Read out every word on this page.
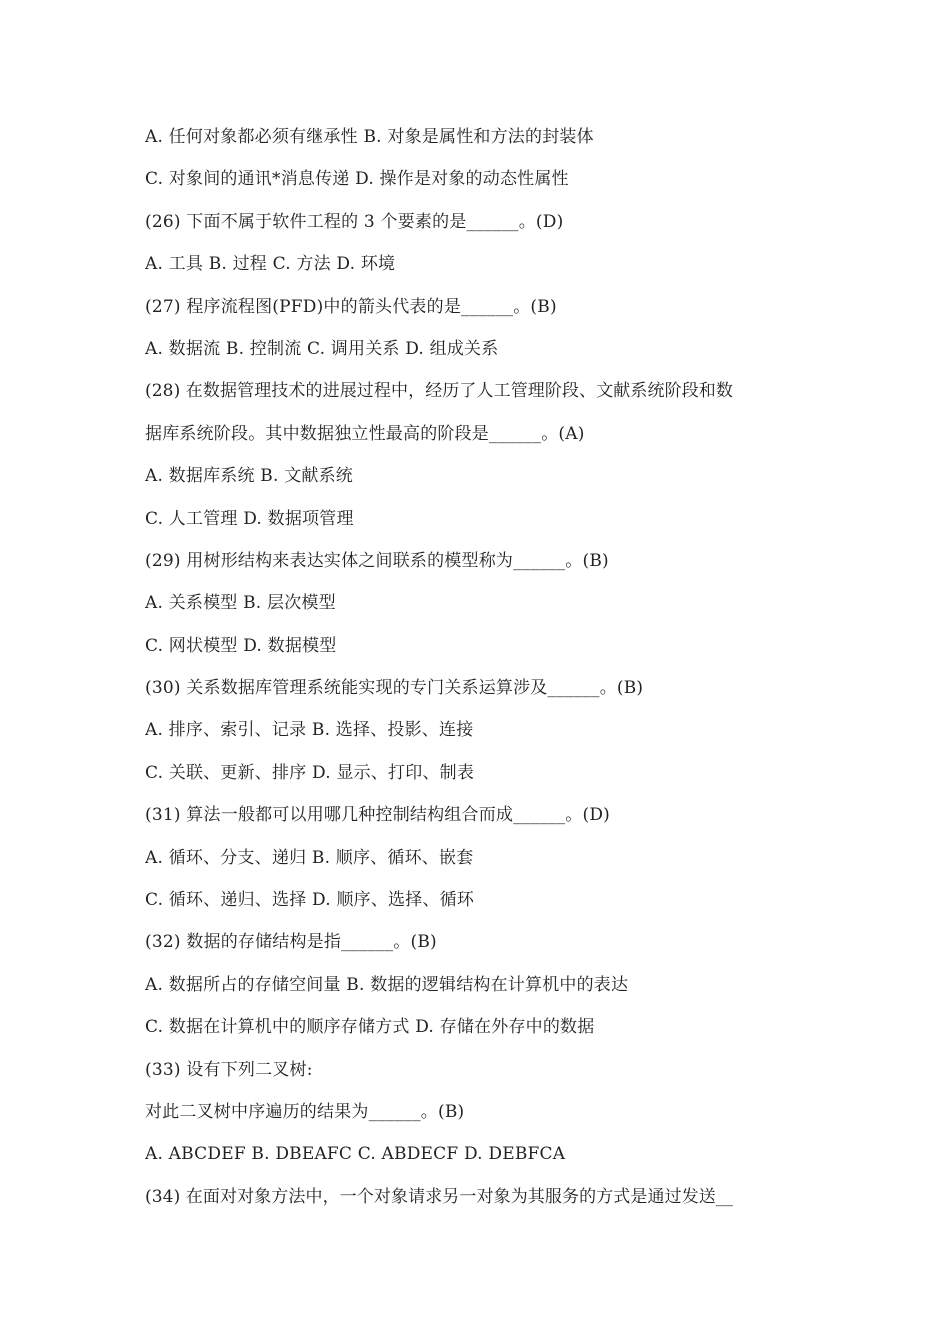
A. 任何对象都必须有继承性 B. 对象是属性和方法的封装体
C. 对象间的通讯*消息传递 D. 操作是对象的动态性属性
(26) 下面不属于软件工程的 3 个要素的是______。(D)
A. 工具 B. 过程 C. 方法 D. 环境
(27) 程序流程图(PFD)中的箭头代表的是______。(B)
A. 数据流 B. 控制流 C. 调用关系 D. 组成关系
(28) 在数据管理技术的进展过程中，经历了人工管理阶段、文献系统阶段和数
据库系统阶段。其中数据独立性最高的阶段是______。(A)
A. 数据库系统 B. 文献系统
C. 人工管理 D. 数据项管理
(29) 用树形结构来表达实体之间联系的模型称为______。(B)
A. 关系模型 B. 层次模型
C. 网状模型 D. 数据模型
(30) 关系数据库管理系统能实现的专门关系运算涉及______。(B)
A. 排序、索引、记录 B. 选择、投影、连接
C. 关联、更新、排序 D. 显示、打印、制表
(31) 算法一般都可以用哪几种控制结构组合而成______。(D)
A. 循环、分支、递归 B. 顺序、循环、嵌套
C. 循环、递归、选择 D. 顺序、选择、循环
(32) 数据的存储结构是指______。(B)
A. 数据所占的存储空间量 B. 数据的逻辑结构在计算机中的表达
C. 数据在计算机中的顺序存储方式 D. 存储在外存中的数据
(33) 设有下列二叉树:
对此二叉树中序遍历的结果为______。(B)
A. ABCDEF B. DBEAFC C. ABDECF D. DEBFCA
(34) 在面对对象方法中，一个对象请求另一对象为其服务的方式是通过发送__
